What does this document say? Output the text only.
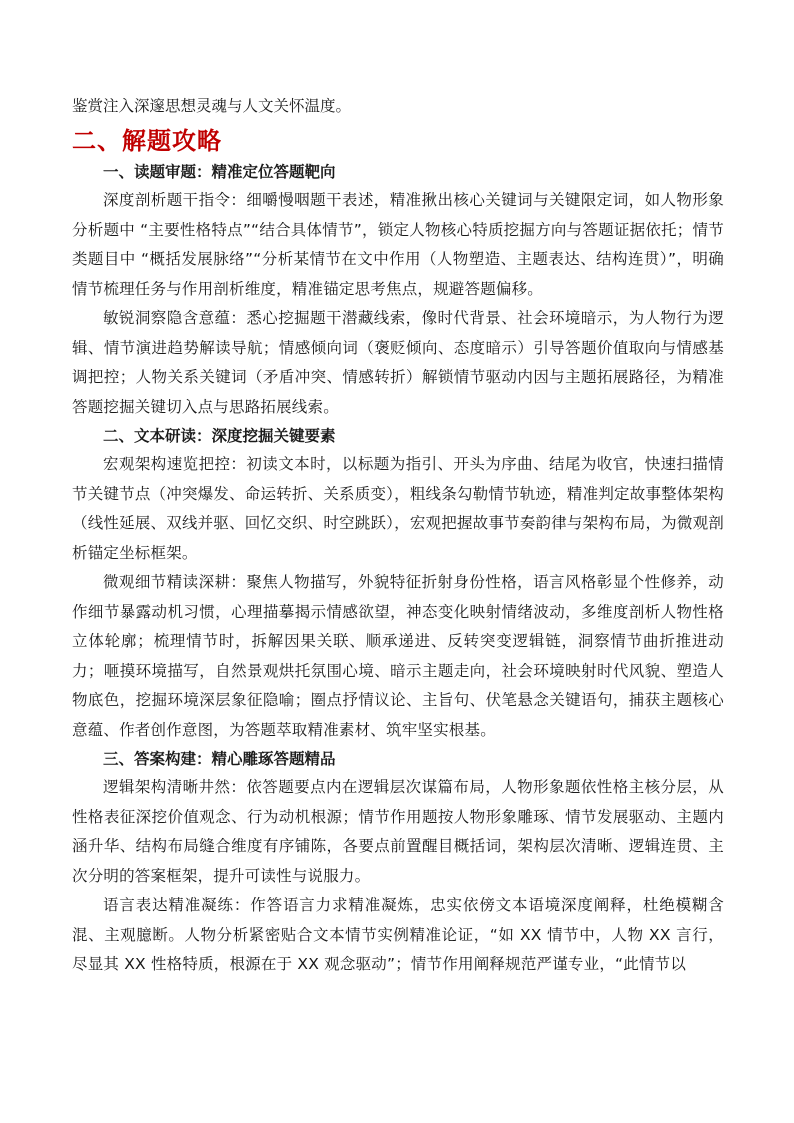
鉴赏注入深邃思想灵魂与人文关怀温度。

二、解题攻略

一、读题审题：精准定位答题靶向

深度剖析题干指令：细嚼慢咽题干表述，精准揪出核心关键词与关键限定词，如人物形象分析题中 “主要性格特点”“结合具体情节”，锁定人物核心特质挖掘方向与答题证据依托；情节类题目中 “概括发展脉络”“分析某情节在文中作用（人物塑造、主题表达、结构连贯）”，明确情节梳理任务与作用剖析维度，精准锚定思考焦点，规避答题偏移。

敏锐洞察隐含意蕴：悉心挖掘题干潜藏线索，像时代背景、社会环境暗示，为人物行为逻辑、情节演进趋势解读导航；情感倾向词（褒贬倾向、态度暗示）引导答题价值取向与情感基调把控；人物关系关键词（矛盾冲突、情感转折）解锁情节驱动内因与主题拓展路径，为精准答题挖掘关键切入点与思路拓展线索。

二、文本研读：深度挖掘关键要素

宏观架构速览把控：初读文本时，以标题为指引、开头为序曲、结尾为收官，快速扫描情节关键节点（冲突爆发、命运转折、关系质变），粗线条勾勒情节轨迹，精准判定故事整体架构（线性延展、双线并驱、回忆交织、时空跳跃），宏观把握故事节奏韵律与架构布局，为微观剖析锚定坐标框架。

微观细节精读深耕：聚焦人物描写，外貌特征折射身份性格，语言风格彰显个性修养，动作细节暴露动机习惯，心理描摹揭示情感欲望，神态变化映射情绪波动，多维度剖析人物性格立体轮廓；梳理情节时，拆解因果关联、顺承递进、反转突变逻辑链，洞察情节曲折推进动力；咂摸环境描写，自然景观烘托氛围心境、暗示主题走向，社会环境映射时代风貌、塑造人物底色，挖掘环境深层象征隐喻；圈点抒情议论、主旨句、伏笔悬念关键语句，捕获主题核心意蕴、作者创作意图，为答题萃取精准素材、筑牢坚实根基。

三、答案构建：精心雕琢答题精品

逻辑架构清晰井然：依答题要点内在逻辑层次谋篇布局，人物形象题依性格主核分层，从性格表征深挖价值观念、行为动机根源；情节作用题按人物形象雕琢、情节发展驱动、主题内涵升华、结构布局缝合维度有序铺陈，各要点前置醒目概括词，架构层次清晰、逻辑连贯、主次分明的答案框架，提升可读性与说服力。

语言表达精准凝练：作答语言力求精准凝炼，忠实依傍文本语境深度阐释，杜绝模糊含混、主观臆断。人物分析紧密贴合文本情节实例精准论证，“如 XX 情节中，人物 XX 言行，尽显其 XX 性格特质，根源在于 XX 观念驱动”；情节作用阐释规范严谨专业，“此情节以
